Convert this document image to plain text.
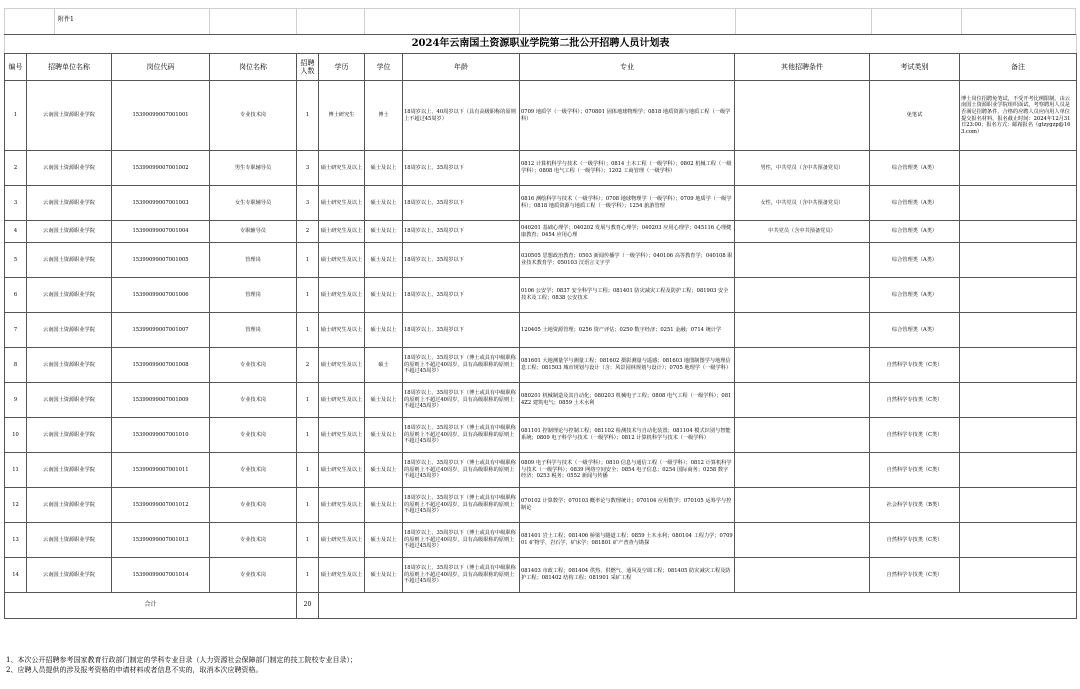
附件1
2024年云南国土资源职业学院第二批公开招聘人员计划表											
编号	招聘单位名称	岗位代码	岗位名称	招聘人数	学历	学位	年龄	专业	其他招聘条件	考试类别	备注
1	云南国土资源职业学院	15399099007001001	专业技术岗	1	博士研究生	博士	18周岁以上、40周岁以下（具有高级职称的原则上不超过45周岁）	0709 地质学（一级学科）；070801 固体地球物理学；0818 地质资源与地质工程（一级学科）		免笔试	博士岗位招聘免笔试，不受开考比例限制。由云南国土资源职业学院组织面试，考察聘用人员是否满足招聘条件、合格的应聘人员应向用人单位提交报名材料。报名截止时间：2024年12月31日23:00；报名方式：邮箱报名（gtzygzp@163.com）
2	云南国土资源职业学院	15399099007001002	男生专职辅导员	3	硕士研究生及以上	硕士及以上	18周岁以上、35周岁以下	0812 计算机科学与技术（一级学科）；0814 土木工程（一级学科）；0802 机械工程（一级学科）；0808 电气工程（一级学科）；1202 工商管理（一级学科）	男性，中共党员（含中共预备党员）	综合管理类（A类）	
3	云南国土资源职业学院	15399099007001003	女生专职辅导员	3	硕士研究生及以上	硕士及以上	18周岁以上、35周岁以下	0816 测绘科学与技术（一级学科）；0708 地球物理学（一级学科）；0709 地质学（一级学科）；0818 地质资源与地质工程（一级学科）；1254 旅游管理	女性，中共党员（含中共预备党员）	综合管理类（A类）	
4	云南国土资源职业学院	15399099007001004	专职辅导员	2	硕士研究生及以上	硕士及以上	18周岁以上、35周岁以下	040201 基础心理学；040202 发展与教育心理学；040203 应用心理学；045116 心理健康教育；0454 应用心理	中共党员（含中共预备党员）	综合管理类（A类）	
5	云南国土资源职业学院	15399099007001005	管理岗	1	硕士研究生及以上	硕士及以上	18周岁以上、35周岁以下	030505 思想政治教育；0503 新闻传播学（一级学科）；040106 高等教育学；040108 职业技术教育学；050103 汉语言文字学		综合管理类（A类）	
6	云南国土资源职业学院	15399099007001006	管理岗	1	硕士研究生及以上	硕士及以上	18周岁以上、35周岁以下	0106 公安学；0837 安全科学与工程；081401 防灾减灾工程及防护工程；081903 安全技术及工程；0838 公安技术		综合管理类（A类）	
7	云南国土资源职业学院	15399099007001007	管理岗	1	硕士研究生及以上	硕士及以上	18周岁以上、35周岁以下	120405 土地资源管理；0256 资产评估；0250 数字经济；0251 金融；0714 统计学		综合管理类（A类）	
8	云南国土资源职业学院	15399099007001008	专业技术岗	2	硕士研究生及以上	硕士	18周岁以上、35周岁以下（博士或具有中级职称的原则上不超过40周岁，具有高级职称的原则上不超过45周岁）	081601 大地测量学与测量工程；081602 摄影测量与遥感；081603 地图制图学与地理信息工程；081503 城市规划与设计（含：风景园林规划与设计）；0705 地理学（一级学科）		自然科学专技类（C类）	
9	云南国土资源职业学院	15399099007001009	专业技术岗	1	硕士研究生及以上	硕士及以上	18周岁以上、35周岁以下（博士或具有中级职称的原则上不超过40周岁，具有高级职称的原则上不超过45周岁）	080201 机械制造及其自动化；080203 机械电子工程；0808 电气工程（一级学科）；0814Z2 建筑电气；0859 土木水利		自然科学专技类（C类）	
10	云南国土资源职业学院	15399099007001010	专业技术岗	1	硕士研究生及以上	硕士及以上	18周岁以上、35周岁以下（博士或具有中级职称的原则上不超过40周岁，具有高级职称的原则上不超过45周岁）	081101 控制理论与控制工程；081102 检测技术与自动化装置；081104 模式识别与智能系统；0809 电子科学与技术（一级学科）；0812 计算机科学与技术（一级学科）		自然科学专技类（C类）	
11	云南国土资源职业学院	15399099007001011	专业技术岗	1	硕士研究生及以上	硕士及以上	18周岁以上、35周岁以下（博士或具有中级职称的原则上不超过40周岁，具有高级职称的原则上不超过45周岁）	0809 电子科学与技术（一级学科）；0810 信息与通信工程（一级学科）；0812 计算机科学与技术（一级学科）；0839 网络空间安全；0854 电子信息；0254 国际商务；0258 数字经济；0253 税务；0552 新闻与传播		自然科学专技类（C类）	
12	云南国土资源职业学院	15399099007001012	专业技术岗	1	硕士研究生及以上	硕士及以上	18周岁以上、35周岁以下（博士或具有中级职称的原则上不超过40周岁，具有高级职称的原则上不超过45周岁）	070102 计算数学；070103 概率论与数理统计；070104 应用数学；070105 运筹学与控制论		社会科学专技类（B类）	
13	云南国土资源职业学院	15399099007001013	专业技术岗	1	硕士研究生及以上	硕士及以上	18周岁以上、35周岁以下（博士或具有中级职称的原则上不超过40周岁，具有高级职称的原则上不超过45周岁）	081401 岩土工程；081406 桥梁与隧道工程；0859 土木水利；080104 工程力学；070901 矿物学、岩石学、矿床学；081801 矿产普查与勘探		自然科学专技类（C类）	
14	云南国土资源职业学院	15399099007001014	专业技术岗	1	硕士研究生及以上	硕士及以上	18周岁以上、35周岁以下（博士或具有中级职称的原则上不超过40周岁，具有高级职称的原则上不超过45周岁）	081403 市政工程；081404 供热、供燃气、通风及空调工程；081405 防灾减灾工程及防护工程；081402 结构工程；081901 采矿工程		自然科学专技类（C类）	
合计				20							
1、本次公开招聘参考国家教育行政部门制定的学科专业目录（人力资源社会保障部门制定的技工院校专业目录）；
2、应聘人员提供的涉及报考资格的申请材料或者信息不实的，取消本次应聘资格。
